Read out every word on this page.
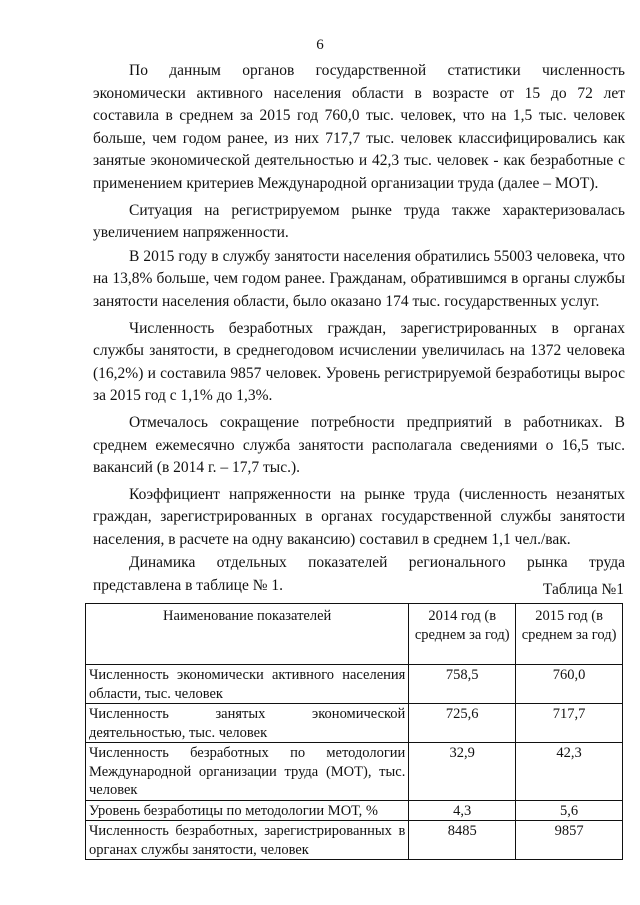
6

По данным органов государственной статистики численность экономически активного населения области в возрасте от 15 до 72 лет составила в среднем за 2015 год 760,0 тыс. человек, что на 1,5 тыс. человек больше, чем годом ранее, из них 717,7 тыс. человек классифицировались как занятые экономической деятельностью и 42,3 тыс. человек - как безработные с применением критериев Международной организации труда (далее – МОТ).

Ситуация на регистрируемом рынке труда также характеризовалась увеличением напряженности.

В 2015 году в службу занятости населения обратились 55003 человека, что на 13,8% больше, чем годом ранее. Гражданам, обратившимся в органы службы занятости населения области, было оказано 174 тыс. государственных услуг.

Численность безработных граждан, зарегистрированных в органах службы занятости, в среднегодовом исчислении увеличилась на 1372 человека (16,2%) и составила 9857 человек. Уровень регистрируемой безработицы вырос за 2015 год с 1,1% до 1,3%.

Отмечалось сокращение потребности предприятий в работниках. В среднем ежемесячно служба занятости располагала сведениями о 16,5 тыс. вакансий (в 2014 г. – 17,7 тыс.).

Коэффициент напряженности на рынке труда (численность незанятых граждан, зарегистрированных в органах государственной службы занятости населения, в расчете на одну вакансию) составил в среднем 1,1 чел./вак.

Динамика отдельных показателей регионального рынка труда представлена в таблице № 1.	Таблица №1
Наименование показателей	2014 год (в среднем за год)	2015 год (в среднем за год)
Численность экономически активного населения области, тыс. человек	758,5	760,0
Численность занятых экономической деятельностью, тыс. человек	725,6	717,7
Численность безработных по методологии Международной организации труда (МОТ), тыс. человек	32,9	42,3
Уровень безработицы по методологии МОТ, %	4,3	5,6
Численность безработных, зарегистрированных в органах службы занятости, человек	8485	9857
